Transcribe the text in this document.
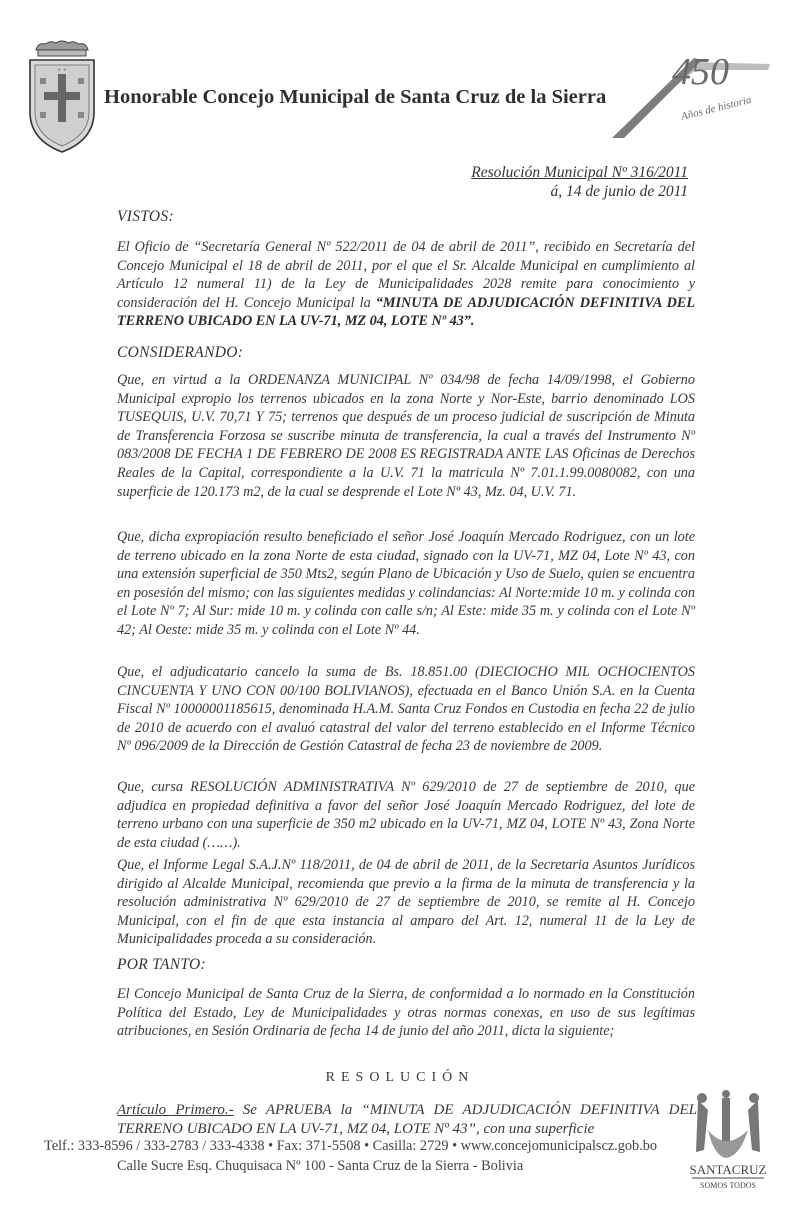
+ +
Honorable Concejo Municipal de Santa Cruz de la Sierra
450
Años de historia
Resolución Municipal Nº 316/2011
á, 14 de junio de 2011
VISTOS:
El Oficio de “Secretaría General Nº 522/2011 de 04 de abril de 2011”, recibido en Secretaría del Concejo Municipal el 18 de abril de 2011, por el que el Sr. Alcalde Municipal en cumplimiento al Artículo 12 numeral 11) de la Ley de Municipalidades 2028 remite para conocimiento y consideración del H. Concejo Municipal la “MINUTA DE ADJUDICACIÓN DEFINITIVA DEL TERRENO UBICADO EN LA UV-71, MZ 04, LOTE Nº 43”.
CONSIDERANDO:
Que, en virtud a la ORDENANZA MUNICIPAL Nº 034/98 de fecha 14/09/1998, el Gobierno Municipal expropio los terrenos ubicados en la zona Norte y Nor-Este, barrio denominado LOS TUSEQUIS, U.V. 70,71 Y 75; terrenos que después de un proceso judicial de suscripción de Minuta de Transferencia Forzosa se suscribe minuta de transferencia, la cual a través del Instrumento Nº 083/2008 DE FECHA 1 DE FEBRERO DE 2008 ES REGISTRADA ANTE LAS Oficinas de Derechos Reales de la Capital, correspondiente a la U.V. 71 la matricula Nº 7.01.1.99.0080082, con una superficie de 120.173 m2, de la cual se desprende el Lote Nº 43, Mz. 04, U.V. 71.
Que, dicha expropiación resulto beneficiado el señor José Joaquín Mercado Rodriguez, con un lote de terreno ubicado en la zona Norte de esta ciudad, signado con la UV-71, MZ 04, Lote Nº 43, con una extensión superficial de 350 Mts2, según Plano de Ubicación y Uso de Suelo, quien se encuentra en posesión del mismo; con las siguientes medidas y colindancias: Al Norte:mide 10 m. y colinda con el Lote Nº 7; Al Sur: mide 10 m. y colinda con calle s/n; Al Este: mide 35 m. y colinda con el Lote Nº 42; Al Oeste: mide 35 m. y colinda con el Lote Nº 44.
Que, el adjudicatario cancelo la suma de Bs. 18.851.00 (DIECIOCHO MIL OCHOCIENTOS CINCUENTA Y UNO CON 00/100 BOLIVIANOS), efectuada en el Banco Unión S.A. en la Cuenta Fiscal Nº 10000001185615, denominada H.A.M. Santa Cruz Fondos en Custodia en fecha 22 de julio de 2010 de acuerdo con el avaluó catastral del valor del terreno establecido en el Informe Técnico Nº 096/2009 de la Dirección de Gestión Catastral de fecha 23 de noviembre de 2009.
Que, cursa RESOLUCIÓN ADMINISTRATIVA Nº 629/2010 de 27 de septiembre de 2010, que adjudica en propiedad definitiva a favor del señor José Joaquín Mercado Rodriguez, del lote de terreno urbano con una superficie de 350 m2 ubicado en la UV-71, MZ 04, LOTE Nº 43, Zona Norte de esta ciudad (……).
Que, el Informe Legal S.A.J.Nº 118/2011, de 04 de abril de 2011, de la Secretaria Asuntos Jurídicos dirigido al Alcalde Municipal, recomienda que previo a la firma de la minuta de transferencia y la resolución administrativa Nº 629/2010 de 27 de septiembre de 2010, se remite al H. Concejo Municipal, con el fin de que esta instancia al amparo del Art. 12, numeral 11 de la Ley de Municipalidades proceda a su consideración.
POR TANTO:
El Concejo Municipal de Santa Cruz de la Sierra, de conformidad a lo normado en la Constitución Política del Estado, Ley de Municipalidades y otras normas conexas, en uso de sus legítimas atribuciones, en Sesión Ordinaria de fecha 14 de junio del año 2011, dicta la siguiente;
RESOLUCIÓN
Artículo Primero.- Se APRUEBA la “MINUTA DE ADJUDICACIÓN DEFINITIVA DEL TERRENO UBICADO EN LA UV-71, MZ 04, LOTE Nº 43”, con una superficie
Telf.: 333-8596 / 333-2783 / 333-4338 • Fax: 371-5508 • Casilla: 2729 • www.concejomunicipalscz.gob.bo
Calle Sucre Esq. Chuquisaca Nº 100 - Santa Cruz de la Sierra - Bolivia	SANTACRUZ
SOMOS TODOS
